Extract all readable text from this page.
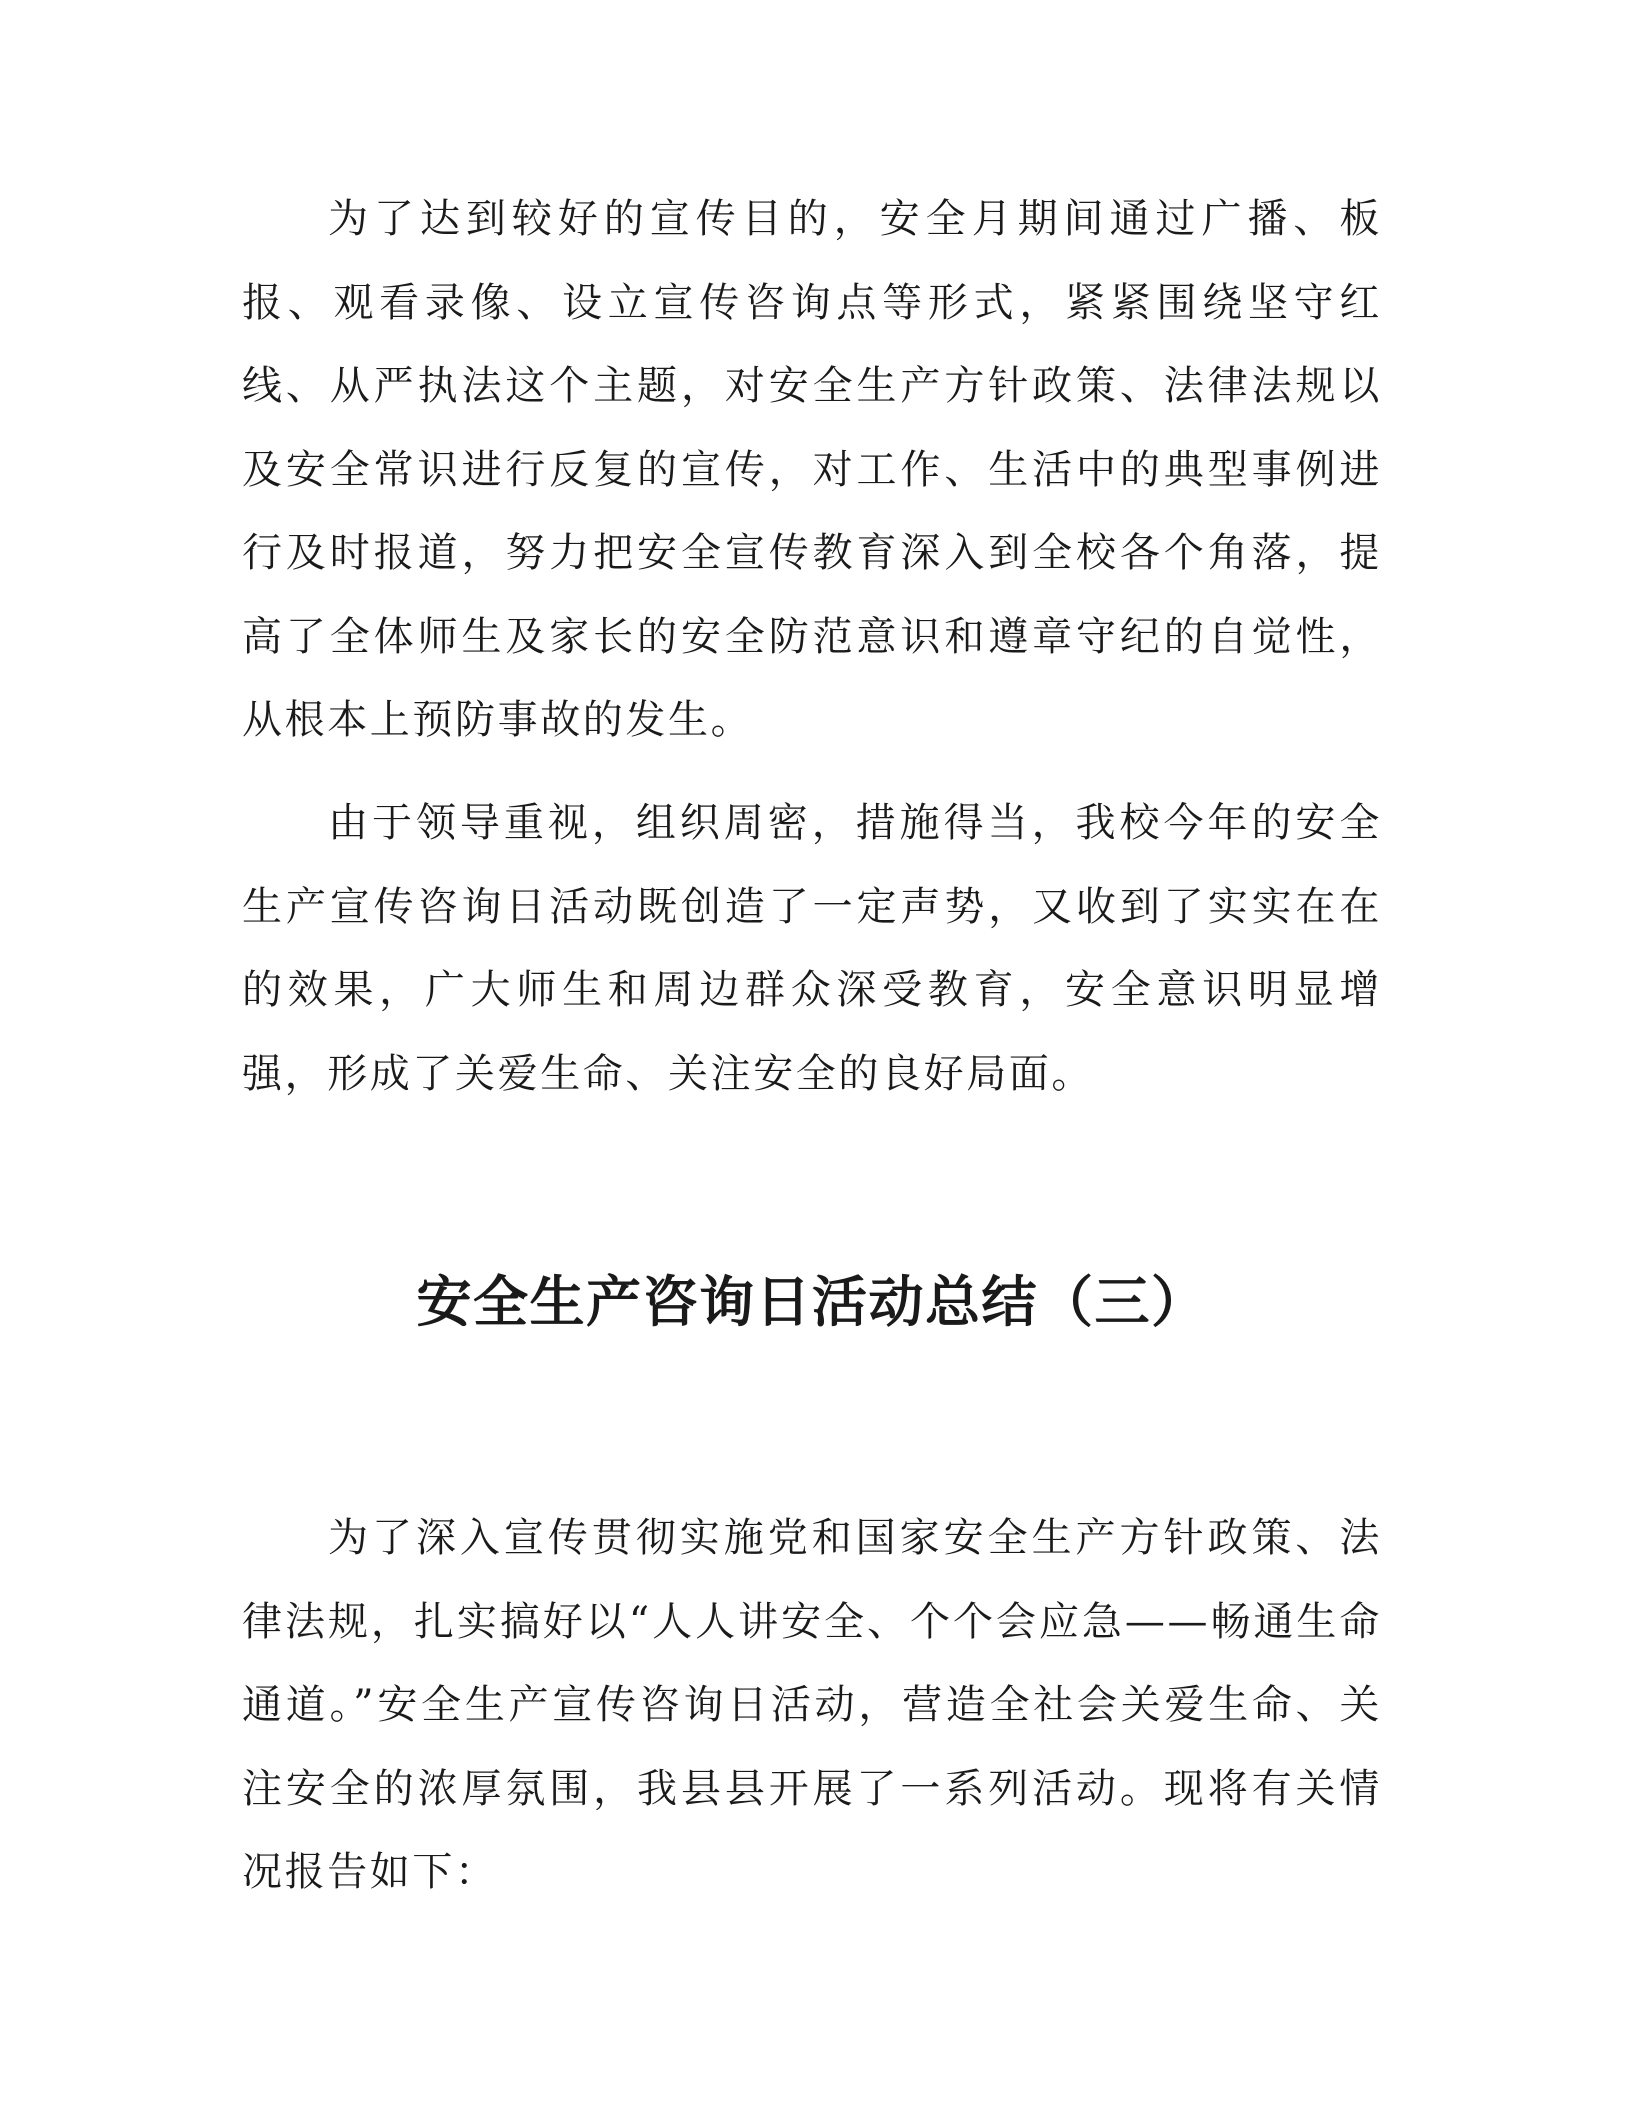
为了达到较好的宣传目的，安全月期间通过广播、板报、观看录像、设立宣传咨询点等形式，紧紧围绕坚守红线、从严执法这个主题，对安全生产方针政策、法律法规以及安全常识进行反复的宣传，对工作、生活中的典型事例进行及时报道，努力把安全宣传教育深入到全校各个角落，提高了全体师生及家长的安全防范意识和遵章守纪的自觉性，从根本上预防事故的发生。

由于领导重视，组织周密，措施得当，我校今年的安全生产宣传咨询日活动既创造了一定声势，又收到了实实在在的效果，广大师生和周边群众深受教育，安全意识明显增强，形成了关爱生命、关注安全的良好局面。

安全生产咨询日活动总结（三）

为了深入宣传贯彻实施党和国家安全生产方针政策、法律法规，扎实搞好以“人人讲安全、个个会应急——畅通生命通道。”安全生产宣传咨询日活动，营造全社会关爱生命、关注安全的浓厚氛围，我县县开展了一系列活动。现将有关情况报告如下：
